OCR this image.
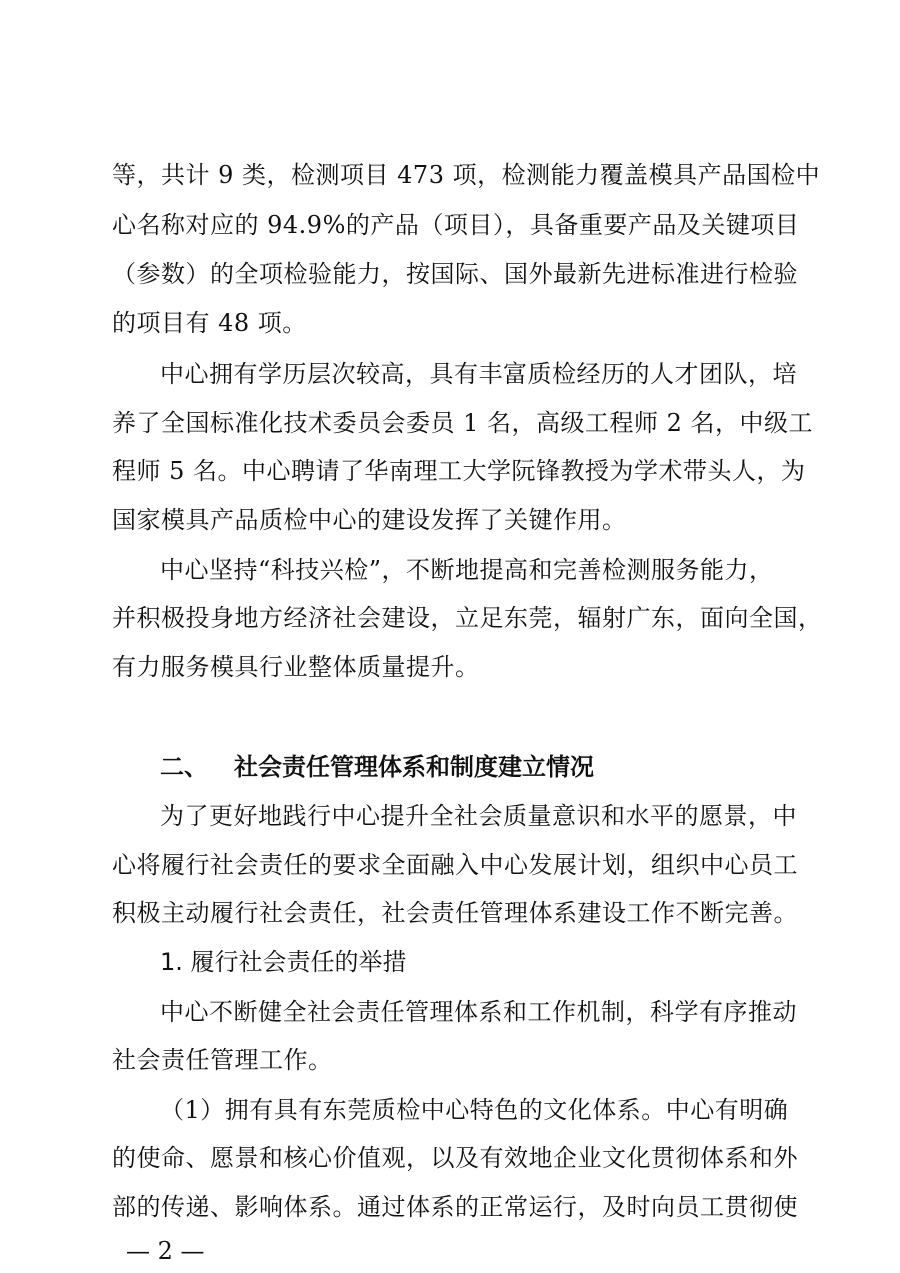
等，共计 9 类，检测项目 473 项，检测能力覆盖模具产品国检中
心名称对应的 94.9%的产品（项目），具备重要产品及关键项目
（参数）的全项检验能力，按国际、国外最新先进标准进行检验
的项目有 48 项。
中心拥有学历层次较高，具有丰富质检经历的人才团队，培
养了全国标准化技术委员会委员 1 名，高级工程师 2 名，中级工
程师 5 名。中心聘请了华南理工大学阮锋教授为学术带头人，为
国家模具产品质检中心的建设发挥了关键作用。
中心坚持“科技兴检”，不断地提高和完善检测服务能力，
并积极投身地方经济社会建设，立足东莞，辐射广东，面向全国，
有力服务模具行业整体质量提升。
二、 社会责任管理体系和制度建立情况
为了更好地践行中心提升全社会质量意识和水平的愿景，中
心将履行社会责任的要求全面融入中心发展计划，组织中心员工
积极主动履行社会责任，社会责任管理体系建设工作不断完善。
1. 履行社会责任的举措
中心不断健全社会责任管理体系和工作机制，科学有序推动
社会责任管理工作。
（1）拥有具有东莞质检中心特色的文化体系。中心有明确
的使命、愿景和核心价值观，以及有效地企业文化贯彻体系和外
部的传递、影响体系。通过体系的正常运行，及时向员工贯彻使
— 2 —
